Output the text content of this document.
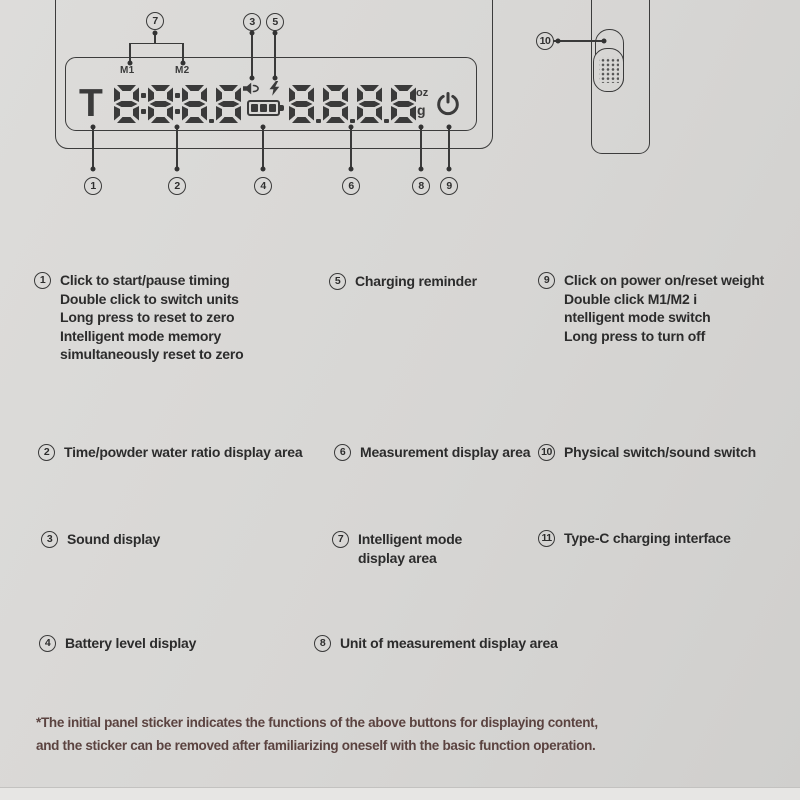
T
M1	M2
oz
g
7	3	5
1	2	4	6	8	9
10
1	Click to start/pause timing
Double click to switch units
Long press to reset to zero
Intelligent mode memory
simultaneously reset to zero
5	Charging reminder	9	Click on power on/reset weight
Double click M1/M2 i
ntelligent mode switch
Long press to turn off
2	Time/powder water ratio display area	6	Measurement display area	10 Physical switch/sound switch
3	Sound display	7	Intelligent mode
display area
11 Type-C charging interface
4	Battery level display	8	Unit of measurement display area
*The initial panel sticker indicates the functions of the above buttons for displaying content,
and the sticker can be removed after familiarizing oneself with the basic function operation.
